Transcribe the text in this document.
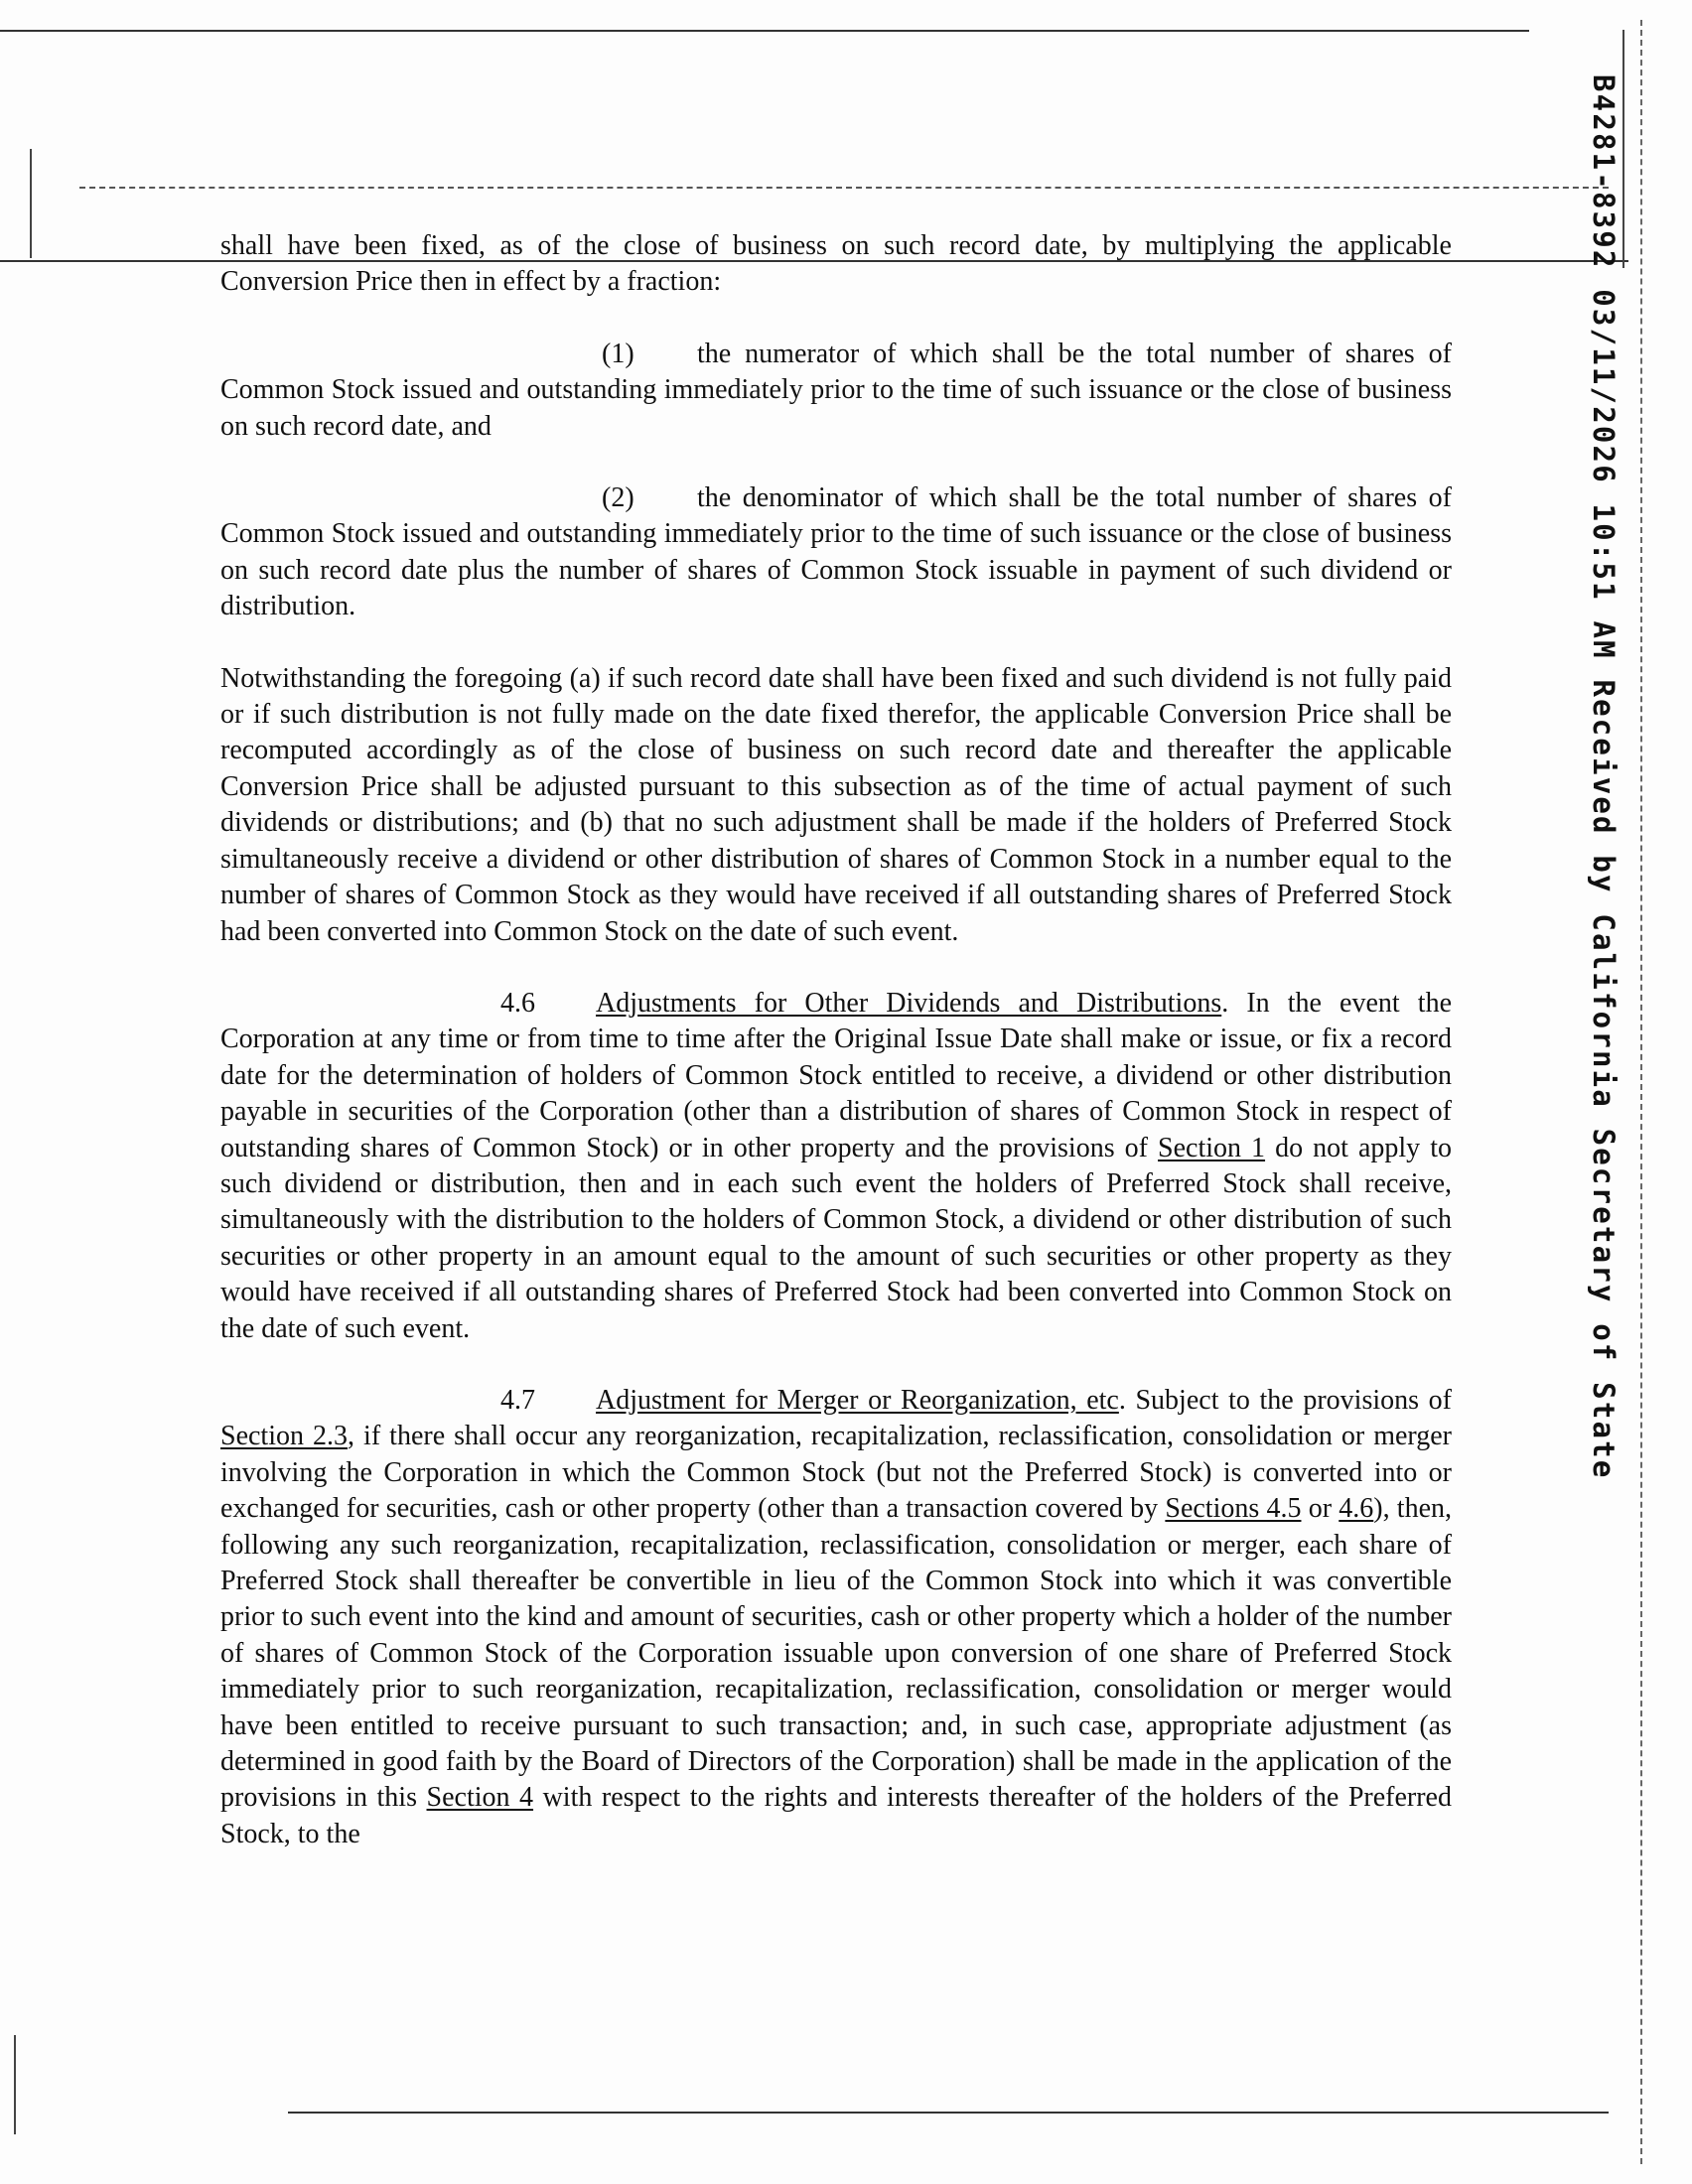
B4281-8392 03/11/2026 10:51 AM Received by California Secretary of State

shall have been fixed, as of the close of business on such record date, by multiplying the applicable Conversion Price then in effect by a fraction:

(1) the numerator of which shall be the total number of shares of Common Stock issued and outstanding immediately prior to the time of such issuance or the close of business on such record date, and

(2) the denominator of which shall be the total number of shares of Common Stock issued and outstanding immediately prior to the time of such issuance or the close of business on such record date plus the number of shares of Common Stock issuable in payment of such dividend or distribution.

Notwithstanding the foregoing (a) if such record date shall have been fixed and such dividend is not fully paid or if such distribution is not fully made on the date fixed therefor, the applicable Conversion Price shall be recomputed accordingly as of the close of business on such record date and thereafter the applicable Conversion Price shall be adjusted pursuant to this subsection as of the time of actual payment of such dividends or distributions; and (b) that no such adjustment shall be made if the holders of Preferred Stock simultaneously receive a dividend or other distribution of shares of Common Stock in a number equal to the number of shares of Common Stock as they would have received if all outstanding shares of Preferred Stock had been converted into Common Stock on the date of such event.

4.6 Adjustments for Other Dividends and Distributions. In the event the Corporation at any time or from time to time after the Original Issue Date shall make or issue, or fix a record date for the determination of holders of Common Stock entitled to receive, a dividend or other distribution payable in securities of the Corporation (other than a distribution of shares of Common Stock in respect of outstanding shares of Common Stock) or in other property and the provisions of Section 1 do not apply to such dividend or distribution, then and in each such event the holders of Preferred Stock shall receive, simultaneously with the distribution to the holders of Common Stock, a dividend or other distribution of such securities or other property in an amount equal to the amount of such securities or other property as they would have received if all outstanding shares of Preferred Stock had been converted into Common Stock on the date of such event.

4.7 Adjustment for Merger or Reorganization, etc. Subject to the provisions of Section 2.3, if there shall occur any reorganization, recapitalization, reclassification, consolidation or merger involving the Corporation in which the Common Stock (but not the Preferred Stock) is converted into or exchanged for securities, cash or other property (other than a transaction covered by Sections 4.5 or 4.6), then, following any such reorganization, recapitalization, reclassification, consolidation or merger, each share of Preferred Stock shall thereafter be convertible in lieu of the Common Stock into which it was convertible prior to such event into the kind and amount of securities, cash or other property which a holder of the number of shares of Common Stock of the Corporation issuable upon conversion of one share of Preferred Stock immediately prior to such reorganization, recapitalization, reclassification, consolidation or merger would have been entitled to receive pursuant to such transaction; and, in such case, appropriate adjustment (as determined in good faith by the Board of Directors of the Corporation) shall be made in the application of the provisions in this Section 4 with respect to the rights and interests thereafter of the holders of the Preferred Stock, to the
